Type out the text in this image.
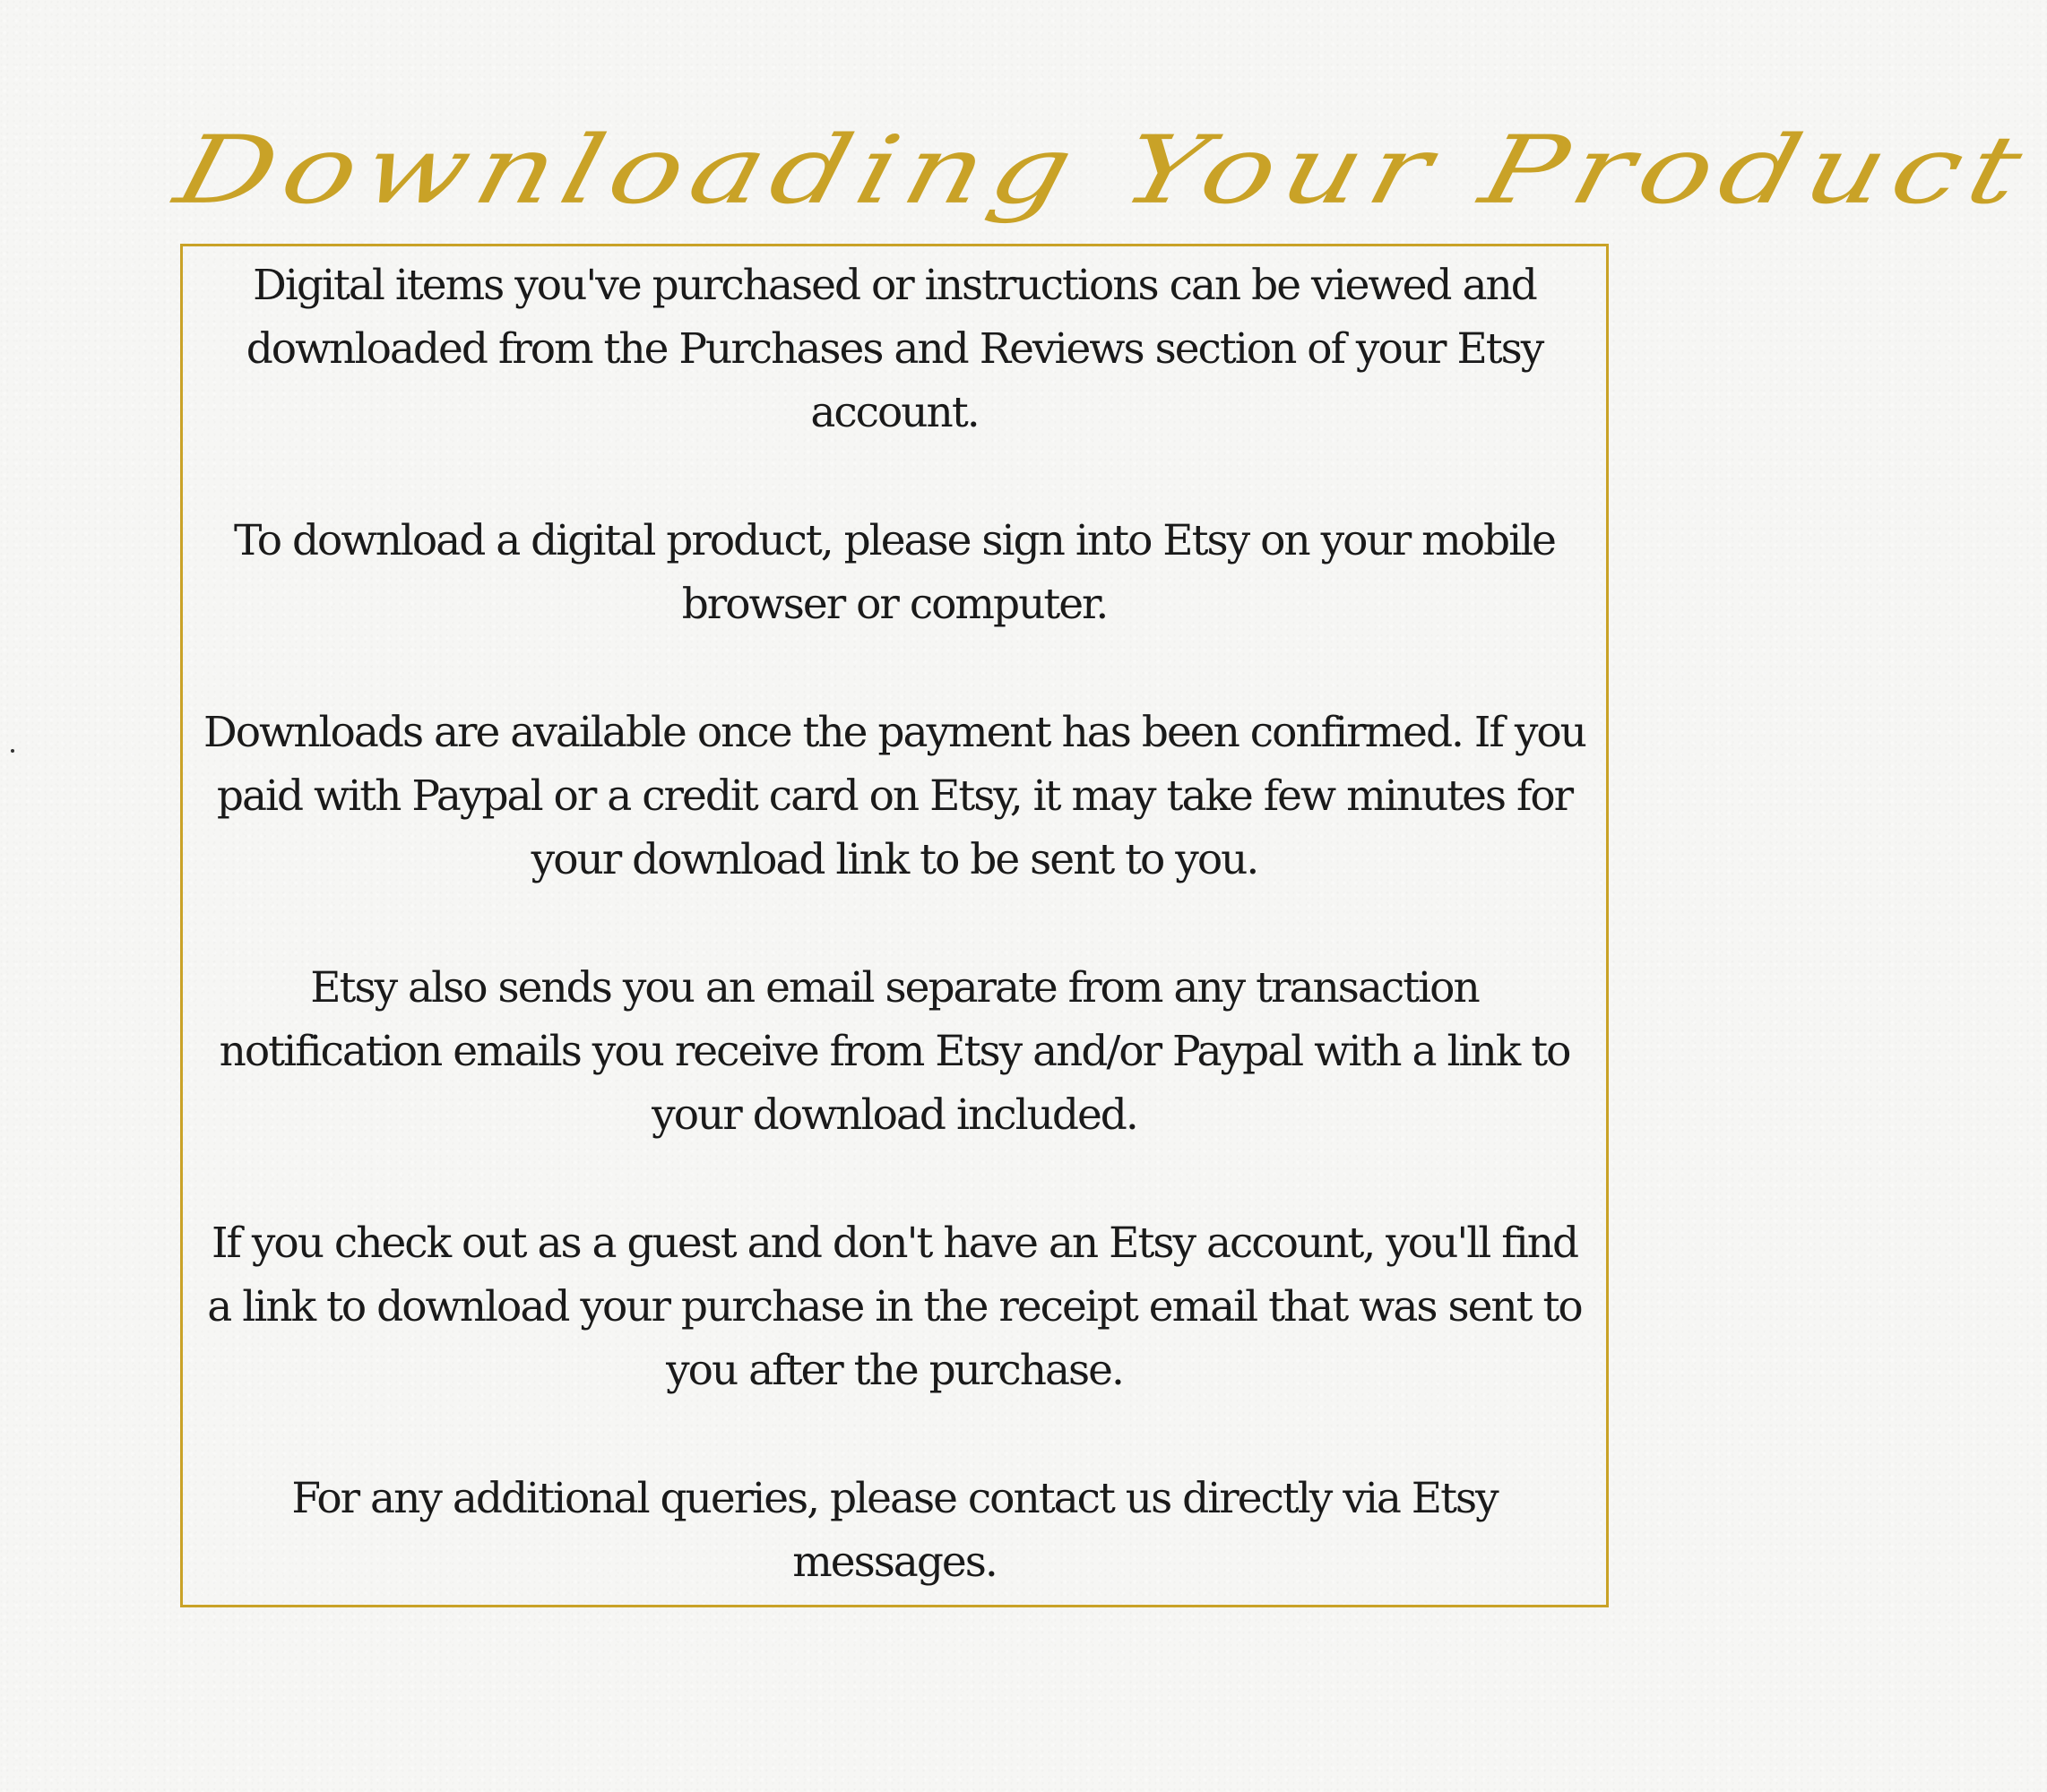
Downloading Your Product

Digital items you've purchased or instructions can be viewed and downloaded from the Purchases and Reviews section of your Etsy account.

To download a digital product, please sign into Etsy on your mobile browser or computer.

Downloads are available once the payment has been confirmed. If you paid with Paypal or a credit card on Etsy, it may take few minutes for your download link to be sent to you.

Etsy also sends you an email separate from any transaction notification emails you receive from Etsy and/or Paypal with a link to your download included.

If you check out as a guest and don't have an Etsy account, you'll find a link to download your purchase in the receipt email that was sent to you after the purchase.

For any additional queries, please contact us directly via Etsy messages.
